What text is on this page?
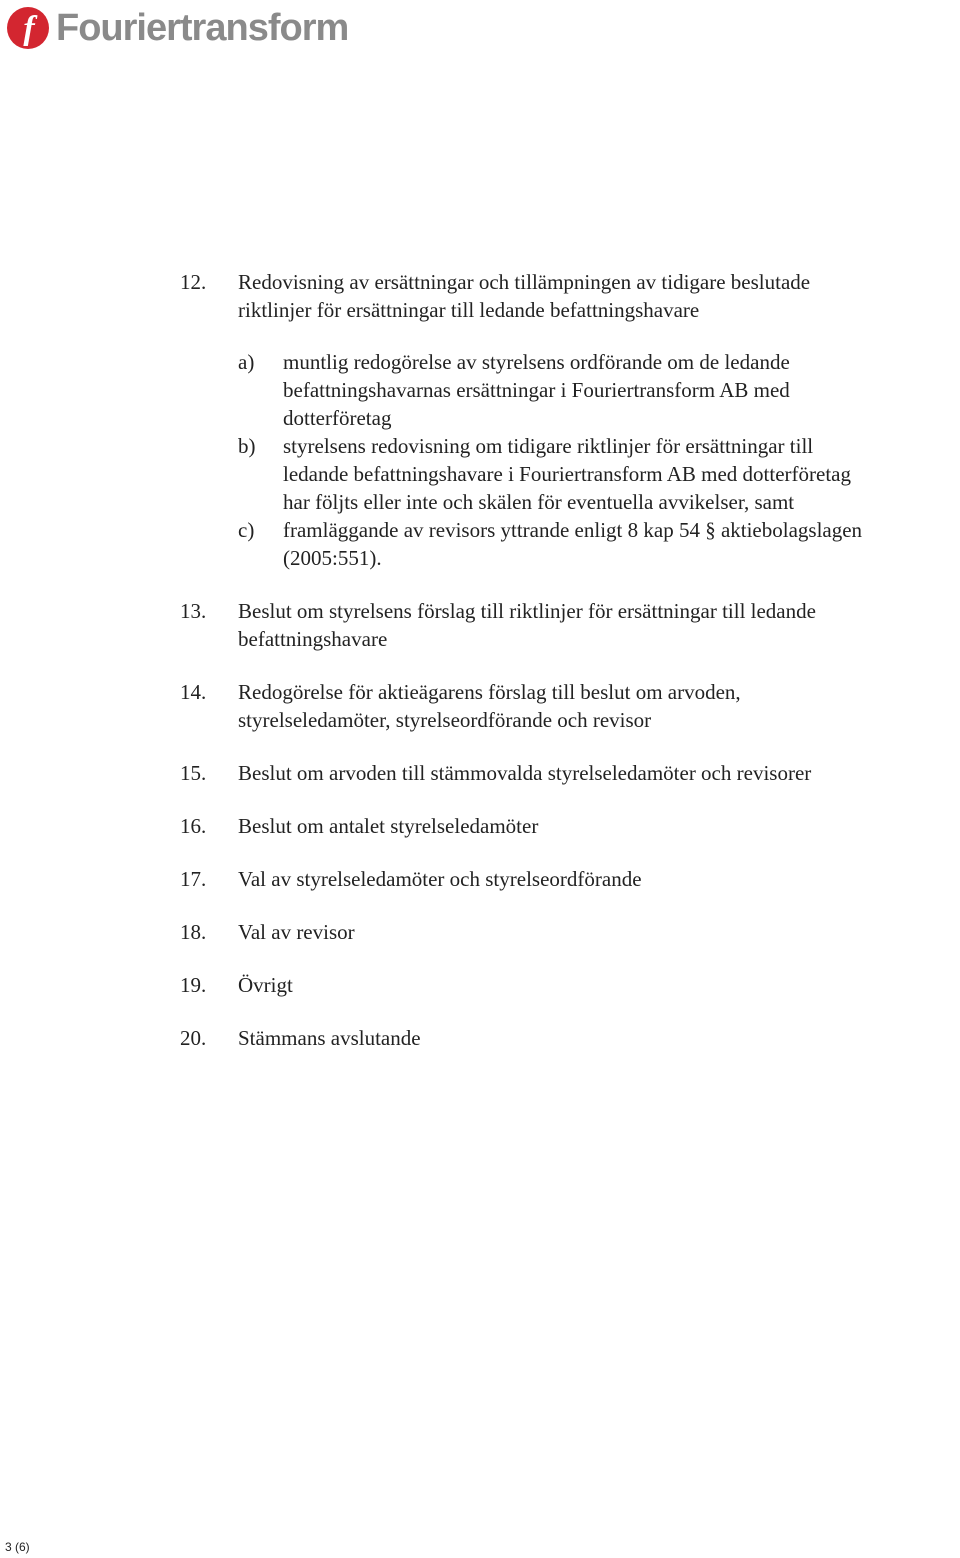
f Fouriertransform
12.	Redovisning av ersättningar och tillämpningen av tidigare beslutade
riktlinjer för ersättningar till ledande befattningshavare
a)	muntlig redogörelse av styrelsens ordförande om de ledande
befattningshavarnas ersättningar i Fouriertransform AB med
dotterföretag
b)	styrelsens redovisning om tidigare riktlinjer för ersättningar till
ledande befattningshavare i Fouriertransform AB med dotterföretag
har följts eller inte och skälen för eventuella avvikelser, samt
c)	framläggande av revisors yttrande enligt 8 kap 54 § aktiebolagslagen
(2005:551).
13.	Beslut om styrelsens förslag till riktlinjer för ersättningar till ledande
befattningshavare
14.	Redogörelse för aktieägarens förslag till beslut om arvoden,
styrelseledamöter, styrelseordförande och revisor
15.	Beslut om arvoden till stämmovalda styrelseledamöter och revisorer
16.	Beslut om antalet styrelseledamöter
17.	Val av styrelseledamöter och styrelseordförande
18.	Val av revisor
19.	Övrigt
20.	Stämmans avslutande
3 (6)
